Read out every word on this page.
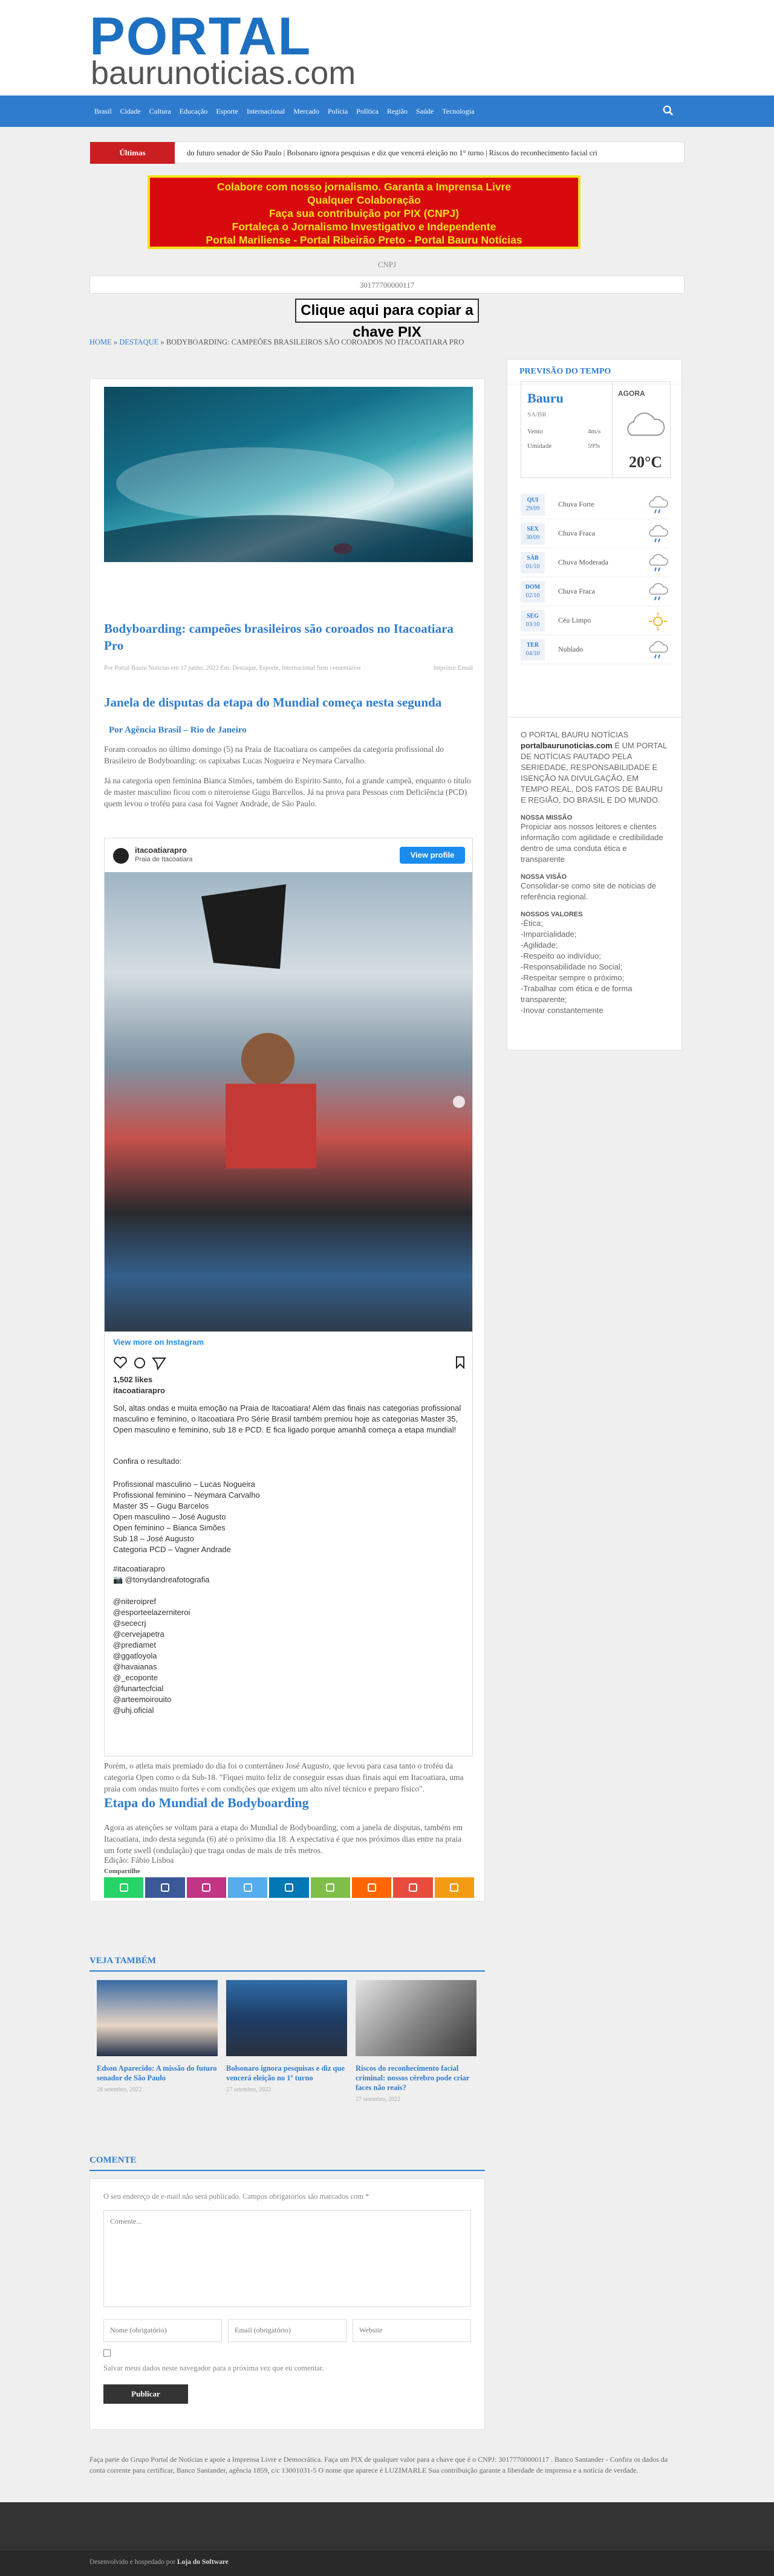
PORTAL
baurunoticias.com
Brasil Cidade Cultura Educação Esporte Internacional Mercado Polícia Política Região Saúde Tecnologia
Últimas	do futuro senador de São Paulo | Bolsonaro ignora pesquisas e diz que vencerá eleição no 1° turno | Riscos do reconhecimento facial cri
Colabore com nosso jornalismo. Garanta a Imprensa Livre
Qualquer Colaboração
Faça sua contribuição por PIX (CNPJ)
Fortaleça o Jornalismo Investigativo e Independente
Portal Mariliense - Portal Ribeirão Preto - Portal Bauru Notícias
CNPJ
30177700000117
Clique aqui para copiar a chave PIX
HOME » DESTAQUE » BODYBOARDING: CAMPEÕES BRASILEIROS SÃO COROADOS NO ITACOATIARA PRO
Bodyboarding: campeões brasileiros são coroados no Itacoatiara Pro
Por Portal Bauru Notícias em 17 junho, 2022 Em: Destaque, Esporte, Internacional Sem comentários	Imprimir Email
Janela de disputas da etapa do Mundial começa nesta segunda
Por Agência Brasil – Rio de Janeiro
Foram coroados no último domingo (5) na Praia de Itacoatiara os campeões da categoria profissional do Brasileiro de Bodyboarding: os capixabas Lucas Nogueira e Neymara Carvalho.
Já na categoria open feminina Bianca Simões, também do Espírito Santo, foi a grande campeã, enquanto o título de master masculino ficou com o niteroiense Gugu Barcellos. Já na prova para Pessoas com Deficiência (PCD) quem levou o troféu para casa foi Vagner Andrade, de São Paulo.
itacoatiarapro
Praia de Itacoatiara	View profile
View more on Instagram
1,502 likes
itacoatiarapro
Sol, altas ondas e muita emoção na Praia de Itacoatiara! Além das finais nas categorias profissional masculino e feminino, o Itacoatiara Pro Série Brasil também premiou hoje as categorias Master 35, Open masculino e feminino, sub 18 e PCD. E fica ligado porque amanhã começa a etapa mundial!
Confira o resultado:
Profissional masculino – Lucas Nogueira
Profissional feminino – Neymara Carvalho
Master 35 – Gugu Barcelos
Open masculino – José Augusto
Open feminino – Bianca Simões
Sub 18 – José Augusto
Categoria PCD – Vagner Andrade
#itacoatiarapro
📷 @tonydandreafotografia
@niteroipref
@esporteelazerniteroi
@sececrj
@cervejapetra
@prediamet
@ggatloyola
@havaianas
@_ecoponte
@funartecfcial
@arteemoirouito
@uhj.oficial
Porém, o atleta mais premiado do dia foi o conterrâneo José Augusto, que levou para casa tanto o troféu da categoria Open como o da Sub-18. "Fiquei muito feliz de conseguir essas duas finais aqui em Itacoatiara, uma praia com ondas muito fortes e com condições que exigem um alto nível técnico e preparo físico".
Etapa do Mundial de Bodyboarding
Agora as atenções se voltam para a etapa do Mundial de Bodyboarding, com a janela de disputas, também em Itacoatiara, indo desta segunda (6) até o próximo dia 18. A expectativa é que nos próximos dias entre na praia um forte swell (ondulação) que traga ondas de mais de três metros.
Edição: Fábio Lisboa
Compartilhe
VEJA TAMBÉM
Edson Aparecido: A missão do futuro senador de São Paulo
28 setembro, 2022
Bolsonaro ignora pesquisas e diz que vencerá eleição no 1º turno
27 setembro, 2022
Riscos do reconhecimento facial criminal: nossos cérebro pode criar faces não reais?
27 setembro, 2022
COMENTE
O seu endereço de e-mail não será publicado. Campos obrigatórios são marcados com *
Comente...
Nome (obrigatório)	Email (obrigatório)	Website
Salvar meus dados neste navegador para a próxima vez que eu comentar.
Publicar
Faça parte do Grupo Portal de Notícias e apoie a Imprensa Livre e Democrática. Faça um PIX de qualquer valor para a chave que é o CNPJ: 30177700000117 . Banco Santander - Confira os dados da conta corrente para certificar, Banco Santander, agência 1859, c/c 13001031-5 O nome que aparece é LUZIMARLE Sua contribuição garante a liberdade de imprensa e a notícia de verdade.
PREVISÃO DO TEMPO
Bauru
SA/BR
Vento	4m/s
Umidade	59%
AGORA
20°C
QUI
29/09
Chuva Forte
SEX
30/09
Chuva Fraca
SÁB
01/10
Chuva Moderada
DOM
02/10
Chuva Fraca
SEG
03/10
Céu Limpo
TER
04/10
Nublado

O PORTAL BAURU NOTÍCIAS portalbaurunoticias.com É UM PORTAL DE NOTÍCIAS PAUTADO PELA SERIEDADE, RESPONSABILIDADE E ISENÇÃO NA DIVULGAÇÃO, EM TEMPO REAL, DOS FATOS DE BAURU E REGIÃO, DO BRASIL E DO MUNDO.

NOSSA MISSÃO

Propiciar aos nossos leitores e clientes informação com agilidade e credibilidade dentro de uma conduta ética e transparente

NOSSA VISÃO

Consolidar-se como site de notícias de referência regional.

NOSSOS VALORES

-Ética;

-Imparcialidade;

-Agilidade;

-Respeito ao indivíduo;

-Responsabilidade no Social;

-Respeitar sempre o próximo;

-Trabalhar com ética e de forma transparente;

-Inovar constantemente

Desenvolvido e hospedado por Loja do Software
